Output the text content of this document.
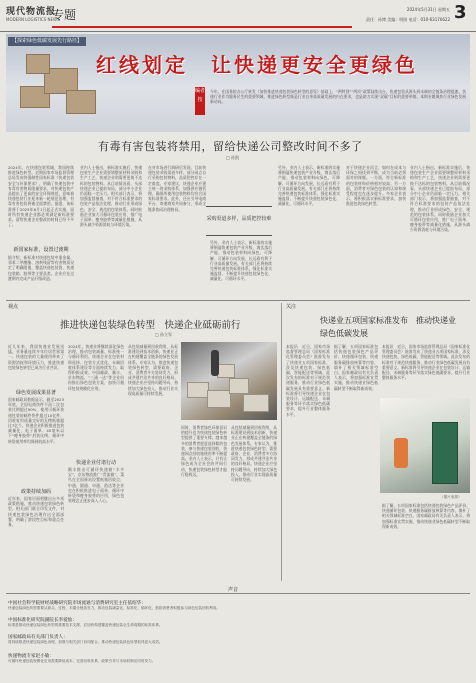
现代物流报
MODERN LOGISTICS NEWS
专题	2024年5月31日 星期五
责任：孙博 美编：明阳 电话：010-63176622 3
【探索绿色低碳发展先行路径】
红线划定　让快递更安全更绿色
编者按
今年，在国务院办公厅转发《加快推进快递包装绿色转型的意见》基础上，“两特别”“两项”政策陆续出台，快递包装从源头到末端的全链条治理提速。快递行业作为服务民生的重要领域，推进绿色转型既是行业自身高质量发展的内在要求，也是助力实现“双碳”目标的重要举措。本期专题聚焦行业绿色发展新动向。
有毒有害包装将禁用，留给快递公司整改时间不多了
□ 孙凯
2024年，在快递包装领域，我国持续推进绿色转型。近期国家市场监督管理总局发布的强制性国家标准《快递包装安全与环保要求》，明确了快递包装中有毒有害物质限量要求，对快递包装产品提出了更高的安全环保规范，意味着快递包装行业迎来新一轮规范治理，有毒有害包装将被全面禁用。据悉，该标准将于2025年6月1日起正式实施，届时所有快递企业都必须满足新标准要求。留给快递企业整改的时间已经不多了。
新国家标准，设置过渡期
据介绍，新标准对快递包装中重金属、邻苯二甲酸酯、溶剂残留等有害物质设定了明确限值，覆盖快递包装袋、快递包装箱、胶带等主要品类。企业应在过渡期内完成产品升级改造。
业内人士指出，新标准实施后，快递包装生产企业需要调整原材料采购和生产工艺，快递企业则需要更换不达标的包装物料。从目前情况看，头部快递企业已提前布局，部分中小企业仍面临一定压力。相关部门表示，将加强监督抽查，对不符合标准要求的包装产品依法处理，推动行业形成绿色、安全、规范的包装体系。同时鼓励企业加大可循环包装应用，推广电子面单、瘦身胶带等减量化措施，从源头减少资源消耗与环境污染。
在对市场进行调研后发现，目前快递包装采购渠道多样，部分网点自行采购包装物料，品质把控存在一定难度。专家建议，快递企业应建立统一的采购体系，加强供应链管理，确保所使用包装物料均符合国家标准要求。此外，还应引导电商平台、寄递商家共同参与，形成全链条协同治理格局。
采购渠道多样，品质把控较难
另外，业内人士表示，新标准的实施将倒逼快递包装产业升级，淘汰落后产能，推动包装材料向绿色、可降解、可循环方向发展，长远看有利于行业高质量发展。有关部门还将持续完善快递包装标准体系，强化标准实施监督，不断提升快递包装绿色化、减量化、可循环水平。
另外，业内人士表示，新标准的实施将倒逼快递包装产业升级，淘汰落后产能，推动包装材料向绿色、可降解、可循环方向发展，长远看有利于行业高质量发展。有关部门还将持续完善快递包装标准体系，强化标准实施监督，不断提升快递包装绿色化、减量化、可循环水平。
对于快递企业而言，如何在成本与环保之间找到平衡，成为当前必须面对的课题。一方面，符合新标准的包装材料价格相对较高；另一方面，消费者对绿色包装的认知和接受程度也在逐步提升。多家企业表示，将积极落实新标准要求，加快推进包装绿色转型。
业内人士指出，新标准实施后，快递包装生产企业需要调整原材料采购和生产工艺，快递企业则需要更换不达标的包装物料。从目前情况看，头部快递企业已提前布局，部分中小企业仍面临一定压力。相关部门表示，将加强监督抽查，对不符合标准要求的包装产品依法处理，推动行业形成绿色、安全、规范的包装体系。同时鼓励企业加大可循环包装应用，推广电子面单、瘦身胶带等减量化措施，从源头减少资源消耗与环境污染。
视点
推进快递包装绿色转型　快递企业砥砺前行
□ 孙立军
近几年来，我国快递业发展迅猛，业务量连续多年位居世界第一。快递包装的大量使用带来了资源消耗和环境压力，推进快递包装绿色转型已成为行业共识。
绿色发展成果显著
国家邮政局数据显示，截至2023年底，全国电商快件不再二次包装比例超过90%，使用可循环快递包装的邮件快件超过10亿件，回收复用质量完好的瓦楞纸箱超过7亿个。快递企业积极推进包装减量化，电子面单、45毫米以下“瘦身胶带”封装比例、循环中转袋使用率均保持较高水平。
政策持续加码
近年来，国家层面相继出台多项政策措施，推动快递包装绿色转型。相关部门联合印发文件，对快递包装绿色治理作出全面部署，明确了阶段性目标和重点任务。
2024年，快递业将继续深化绿色治理，推动包装减量、标准统一与循环利用。快递企业在包装材料选择、包装方式优化、末端回收体系建设等方面持续发力，取得积极成效。中国邮政、顺丰、京东物流、“三通一达”等企业纷纷推出绿色包装方案，加快可循环包装规模化应用。
快递企业付诸行动
顺丰推出可循环快递箱“丰多宝”，京东物流推广“青流箱”，菜鸟在全国驿站设置纸箱回收点，中通、圆通、申通、韵达等企业也在积极推进电子面单、循环中转袋和瘦身胶带的应用，绿色包装理念正逐步深入人心。
从包装减量到回收利用，从标准建设到技术创新，快递业正在构建覆盖全链条的绿色发展体系。专家认为，推进快递包装绿色转型，需要政府、企业、消费者多方协同发力，形成共建共治共享的良好格局。快递企业应坚持问题导向，持续加大绿色投入，推动行业实现高质量可持续发展。
同时，消费者绿色环保意识的提升也为快递包装绿色转型提供了重要支撑。越来越多的消费者愿意选择简约包装、参与快递包装回收，快递网点回收箱使用率不断提高。业内人士表示，只有让绿色成为全社会的共同行动，快递包装绿色转型才能行稳致远。
从包装减量到回收利用，从标准建设到技术创新，快递业正在构建覆盖全链条的绿色发展体系。专家认为，推进快递包装绿色转型，需要政府、企业、消费者多方协同发力，形成共建共治共享的良好格局。快递企业应坚持问题导向，持续加大绿色投入，推动行业实现高质量可持续发展。
关注
快递业五项国家标准发布　推动快递业绿色低碳发展
本报讯　近日，国家市场监督管理总局（国家标准化管理委员会）批准发布了快递业五项国家标准，涉及快递包装、绿色低碳、智能配送等领域。此次发布的标准对于规范快递服务、推动行业绿色低碳发展具有重要意义。新标准将引导快递企业在包装设计、运输配送、末端服务等环节落实绿色低碳要求，提升行业整体服务水平。
据了解，五项国家标准包括快递包装绿色产品评价、快递循环包装、快递服务碳排放核算等内容，填补了相关领域标准空白。国家邮政局有关负责人表示，将加强标准宣贯实施，推动快递业绿色低碳转型不断取得新成效。
本报讯　近日，国家市场监督管理总局（国家标准化管理委员会）批准发布了快递业五项国家标准，涉及快递包装、绿色低碳、智能配送等领域。此次发布的标准对于规范快递服务、推动行业绿色低碳发展具有重要意义。新标准将引导快递企业在包装设计、运输配送、末端服务等环节落实绿色低碳要求，提升行业整体服务水平。
（图片来源）
据了解，五项国家标准包括快递包装绿色产品评价、快递循环包装、快递服务碳排放核算等内容，填补了相关领域标准空白。国家邮政局有关负责人表示，将加强标准宣贯实施，推动快递业绿色低碳转型不断取得新成效。
声音
中国社会科学院财经战略研究院市场流通与消费研究室主任依绍华：
快递包装绿色转型需要从源头、过程、末端全链条发力，推动包装减量化、标准化、循环化，鼓励消费者积极参与绿色包装回收利用。
中国标准化研究院副院长李爱仙：
标准是推动快递包装绿色转型的重要技术支撑，应加快构建覆盖快递包装全生命周期的标准体系。
国家邮政局有关部门负责人：
将持续推进快递包装绿色治理，加强与相关部门协同配合，推动快递包装绿色转型取得更大成效。
快递物流专家赵小敏：
可循环快递包装规模化应用需要降低成本、完善回收体系，政策引导与市场机制应同时发力。
